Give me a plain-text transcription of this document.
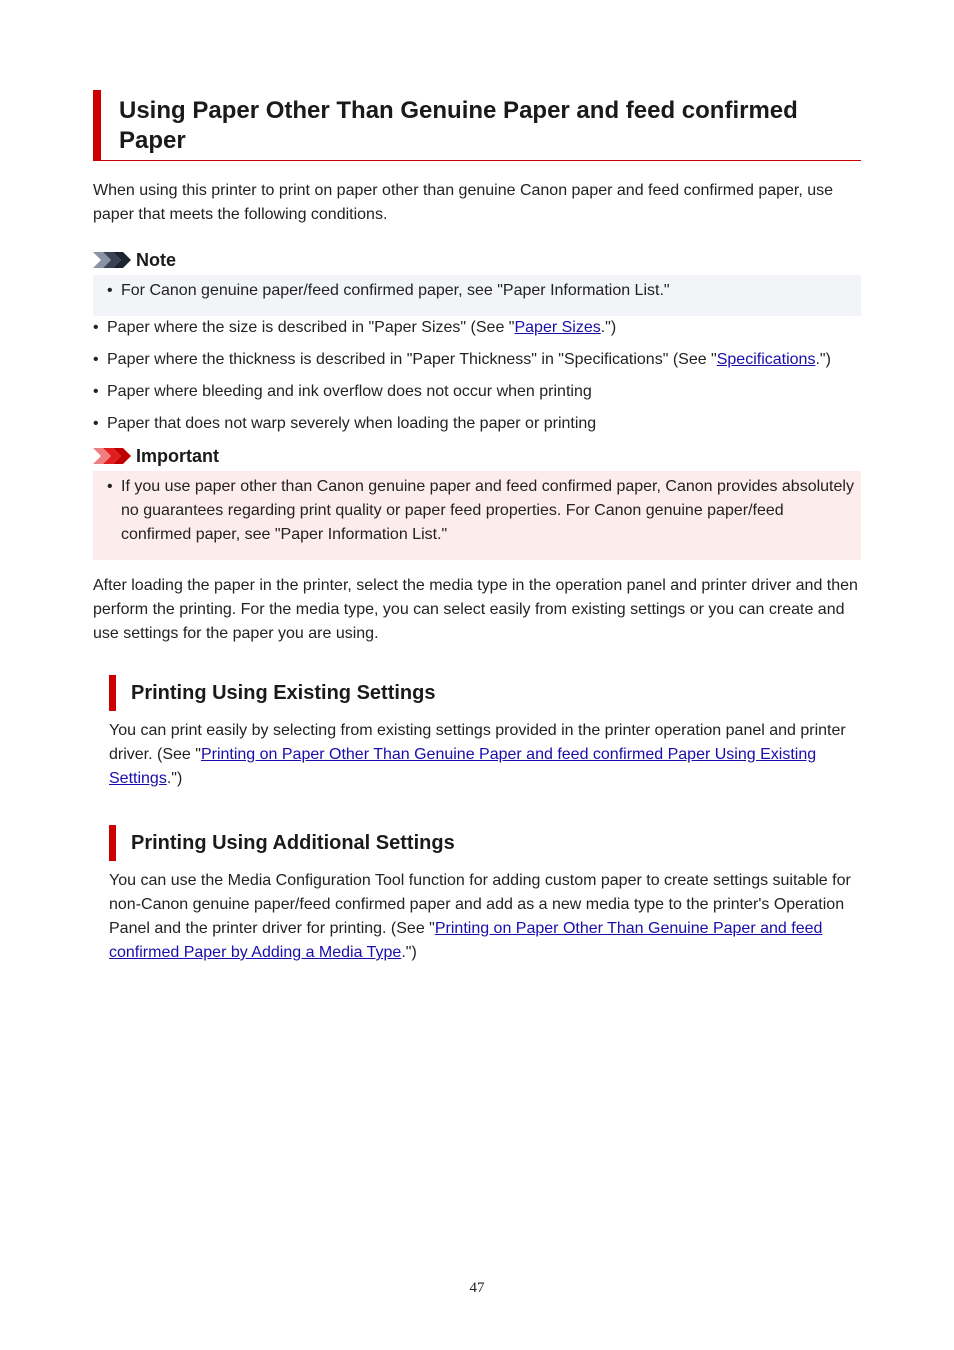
Using Paper Other Than Genuine Paper and feed confirmed Paper

When using this printer to print on paper other than genuine Canon paper and feed confirmed paper, use paper that meets the following conditions.

Note
• For Canon genuine paper/feed confirmed paper, see "Paper Information List."
• Paper where the size is described in "Paper Sizes" (See "Paper Sizes.")
• Paper where the thickness is described in "Paper Thickness" in "Specifications" (See "Specifications.")
• Paper where bleeding and ink overflow does not occur when printing
• Paper that does not warp severely when loading the paper or printing
Important
• If you use paper other than Canon genuine paper and feed confirmed paper, Canon provides absolutely no guarantees regarding print quality or paper feed properties. For Canon genuine paper/feed confirmed paper, see "Paper Information List."

After loading the paper in the printer, select the media type in the operation panel and printer driver and then perform the printing. For the media type, you can select easily from existing settings or you can create and use settings for the paper you are using.

Printing Using Existing Settings

You can print easily by selecting from existing settings provided in the printer operation panel and printer driver. (See "Printing on Paper Other Than Genuine Paper and feed confirmed Paper Using Existing Settings.")

Printing Using Additional Settings

You can use the Media Configuration Tool function for adding custom paper to create settings suitable for non-Canon genuine paper/feed confirmed paper and add as a new media type to the printer's Operation Panel and the printer driver for printing. (See "Printing on Paper Other Than Genuine Paper and feed confirmed Paper by Adding a Media Type.")

47
